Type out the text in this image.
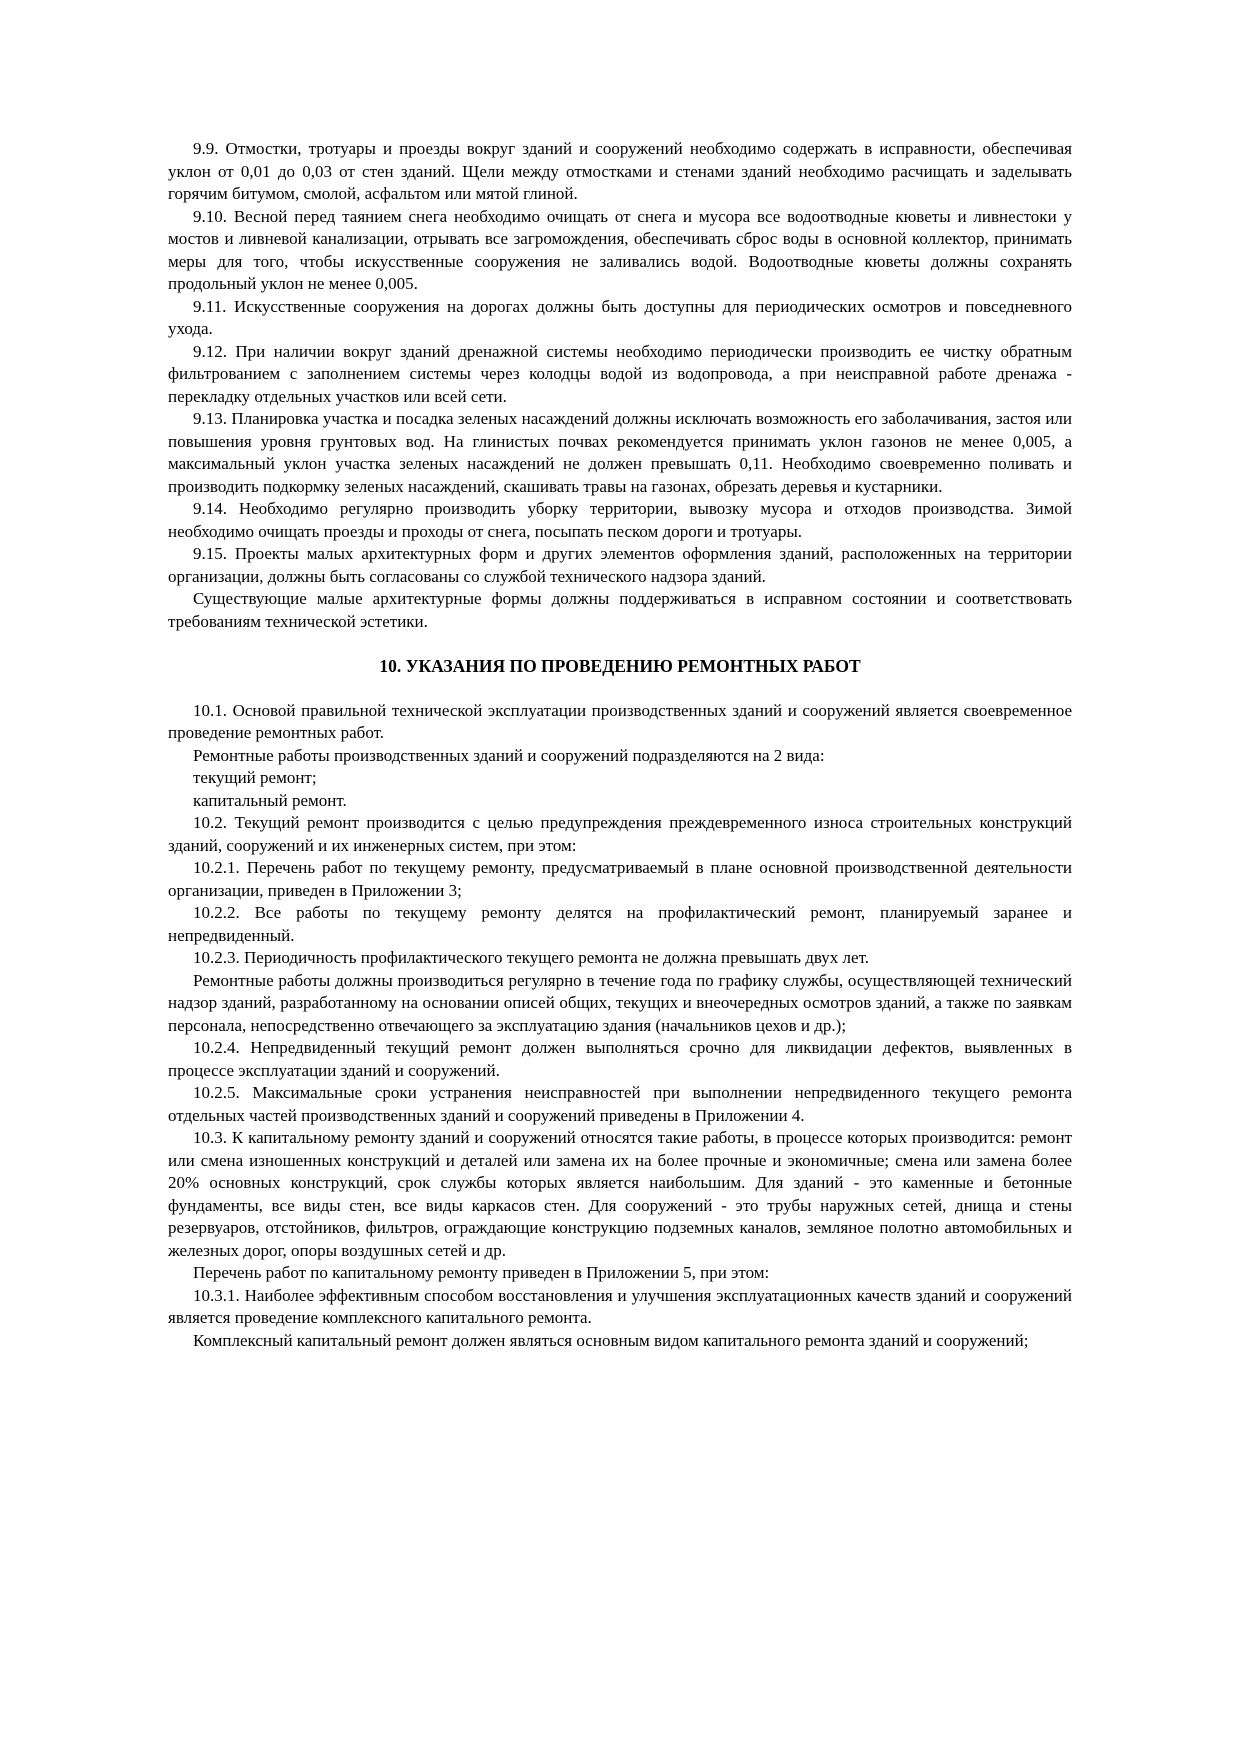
9.9. Отмостки, тротуары и проезды вокруг зданий и сооружений необходимо содержать в исправности, обеспечивая уклон от 0,01 до 0,03 от стен зданий. Щели между отмостками и стенами зданий необходимо расчищать и заделывать горячим битумом, смолой, асфальтом или мятой глиной.

9.10. Весной перед таянием снега необходимо очищать от снега и мусора все водоотводные кюветы и ливнестоки у мостов и ливневой канализации, отрывать все загромождения, обеспечивать сброс воды в основной коллектор, принимать меры для того, чтобы искусственные сооружения не заливались водой. Водоотводные кюветы должны сохранять продольный уклон не менее 0,005.

9.11. Искусственные сооружения на дорогах должны быть доступны для периодических осмотров и повседневного ухода.

9.12. При наличии вокруг зданий дренажной системы необходимо периодически производить ее чистку обратным фильтрованием с заполнением системы через колодцы водой из водопровода, а при неисправной работе дренажа - перекладку отдельных участков или всей сети.

9.13. Планировка участка и посадка зеленых насаждений должны исключать возможность его заболачивания, застоя или повышения уровня грунтовых вод. На глинистых почвах рекомендуется принимать уклон газонов не менее 0,005, а максимальный уклон участка зеленых насаждений не должен превышать 0,11. Необходимо своевременно поливать и производить подкормку зеленых насаждений, скашивать травы на газонах, обрезать деревья и кустарники.

9.14. Необходимо регулярно производить уборку территории, вывозку мусора и отходов производства. Зимой необходимо очищать проезды и проходы от снега, посыпать песком дороги и тротуары.

9.15. Проекты малых архитектурных форм и других элементов оформления зданий, расположенных на территории организации, должны быть согласованы со службой технического надзора зданий.

Существующие малые архитектурные формы должны поддерживаться в исправном состоянии и соответствовать требованиям технической эстетики.

10. УКАЗАНИЯ ПО ПРОВЕДЕНИЮ РЕМОНТНЫХ РАБОТ

10.1. Основой правильной технической эксплуатации производственных зданий и сооружений является своевременное проведение ремонтных работ.

Ремонтные работы производственных зданий и сооружений подразделяются на 2 вида:

текущий ремонт;

капитальный ремонт.

10.2. Текущий ремонт производится с целью предупреждения преждевременного износа строительных конструкций зданий, сооружений и их инженерных систем, при этом:

10.2.1. Перечень работ по текущему ремонту, предусматриваемый в плане основной производственной деятельности организации, приведен в Приложении 3;

10.2.2. Все работы по текущему ремонту делятся на профилактический ремонт, планируемый заранее и непредвиденный.

10.2.3. Периодичность профилактического текущего ремонта не должна превышать двух лет.

Ремонтные работы должны производиться регулярно в течение года по графику службы, осуществляющей технический надзор зданий, разработанному на основании описей общих, текущих и внеочередных осмотров зданий, а также по заявкам персонала, непосредственно отвечающего за эксплуатацию здания (начальников цехов и др.);

10.2.4. Непредвиденный текущий ремонт должен выполняться срочно для ликвидации дефектов, выявленных в процессе эксплуатации зданий и сооружений.

10.2.5. Максимальные сроки устранения неисправностей при выполнении непредвиденного текущего ремонта отдельных частей производственных зданий и сооружений приведены в Приложении 4.

10.3. К капитальному ремонту зданий и сооружений относятся такие работы, в процессе которых производится: ремонт или смена изношенных конструкций и деталей или замена их на более прочные и экономичные; смена или замена более 20% основных конструкций, срок службы которых является наибольшим. Для зданий - это каменные и бетонные фундаменты, все виды стен, все виды каркасов стен. Для сооружений - это трубы наружных сетей, днища и стены резервуаров, отстойников, фильтров, ограждающие конструкцию подземных каналов, земляное полотно автомобильных и железных дорог, опоры воздушных сетей и др.

Перечень работ по капитальному ремонту приведен в Приложении 5, при этом:

10.3.1. Наиболее эффективным способом восстановления и улучшения эксплуатационных качеств зданий и сооружений является проведение комплексного капитального ремонта.

Комплексный капитальный ремонт должен являться основным видом капитального ремонта зданий и сооружений;
